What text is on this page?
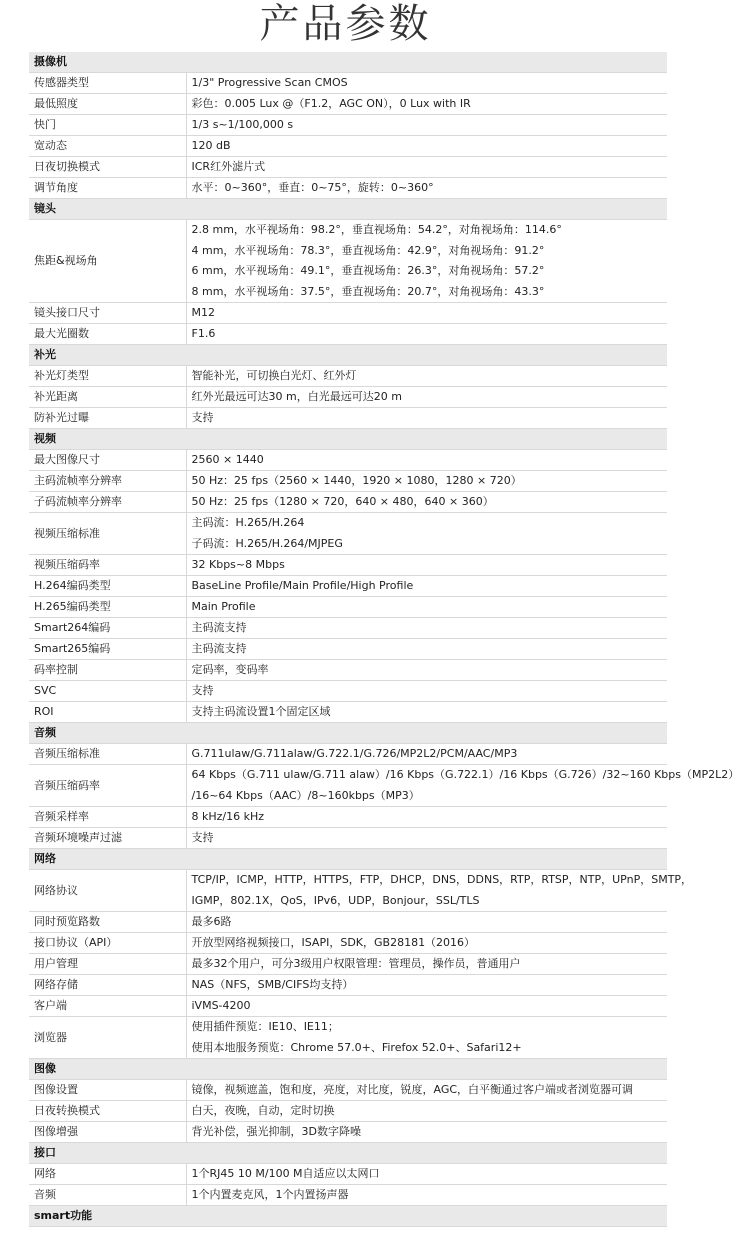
产品参数
摄像机	
传感器类型	1/3" Progressive Scan CMOS
最低照度	彩色：0.005 Lux @（F1.2，AGC ON），0 Lux with IR
快门	1/3 s~1/100,000 s
宽动态	120 dB
日夜切换模式	ICR红外滤片式
调节角度	水平：0~360°，垂直：0~75°，旋转：0~360°
镜头	
焦距&视场角	2.8 mm，水平视场角：98.2°，垂直视场角：54.2°，对角视场角：114.6°
4 mm，水平视场角：78.3°，垂直视场角：42.9°，对角视场角：91.2°
6 mm，水平视场角：49.1°，垂直视场角：26.3°，对角视场角：57.2°
8 mm，水平视场角：37.5°，垂直视场角：20.7°，对角视场角：43.3°

镜头接口尺寸	M12
最大光圈数	F1.6
补光	
补光灯类型	智能补光，可切换白光灯、红外灯
补光距离	红外光最远可达30 m，白光最远可达20 m
防补光过曝	支持
视频	
最大图像尺寸	2560 × 1440
主码流帧率分辨率	50 Hz：25 fps（2560 × 1440，1920 × 1080，1280 × 720）
子码流帧率分辨率	50 Hz：25 fps（1280 × 720，640 × 480，640 × 360）
视频压缩标准	主码流：H.265/H.264
子码流：H.265/H.264/MJPEG

视频压缩码率	32 Kbps~8 Mbps
H.264编码类型	BaseLine Profile/Main Profile/High Profile
H.265编码类型	Main Profile
Smart264编码	主码流支持
Smart265编码	主码流支持
码率控制	定码率，变码率
SVC	支持
ROI	支持主码流设置1个固定区域
音频	
音频压缩标准	G.711ulaw/G.711alaw/G.722.1/G.726/MP2L2/PCM/AAC/MP3
音频压缩码率	64 Kbps（G.711 ulaw/G.711 alaw）/16 Kbps（G.722.1）/16 Kbps（G.726）/32~160 Kbps（MP2L2）
/16~64 Kbps（AAC）/8~160kbps（MP3）

音频采样率	8 kHz/16 kHz
音频环境噪声过滤	支持
网络	
网络协议	TCP/IP，ICMP，HTTP，HTTPS，FTP，DHCP，DNS，DDNS，RTP，RTSP，NTP，UPnP，SMTP，
IGMP，802.1X，QoS，IPv6，UDP，Bonjour，SSL/TLS

同时预览路数	最多6路
接口协议（API）	开放型网络视频接口，ISAPI，SDK，GB28181（2016）
用户管理	最多32个用户，可分3级用户权限管理：管理员，操作员，普通用户
网络存储	NAS（NFS，SMB/CIFS均支持）
客户端	iVMS-4200
浏览器	使用插件预览：IE10、IE11；
使用本地服务预览：Chrome 57.0+、Firefox 52.0+、Safari12+

图像	
图像设置	镜像，视频遮盖，饱和度，亮度，对比度，锐度，AGC，白平衡通过客户端或者浏览器可调
日夜转换模式	白天，夜晚，自动，定时切换
图像增强	背光补偿，强光抑制，3D数字降噪
接口	
网络	1个RJ45 10 M/100 M自适应以太网口
音频	1个内置麦克风，1个内置扬声器
smart功能	
